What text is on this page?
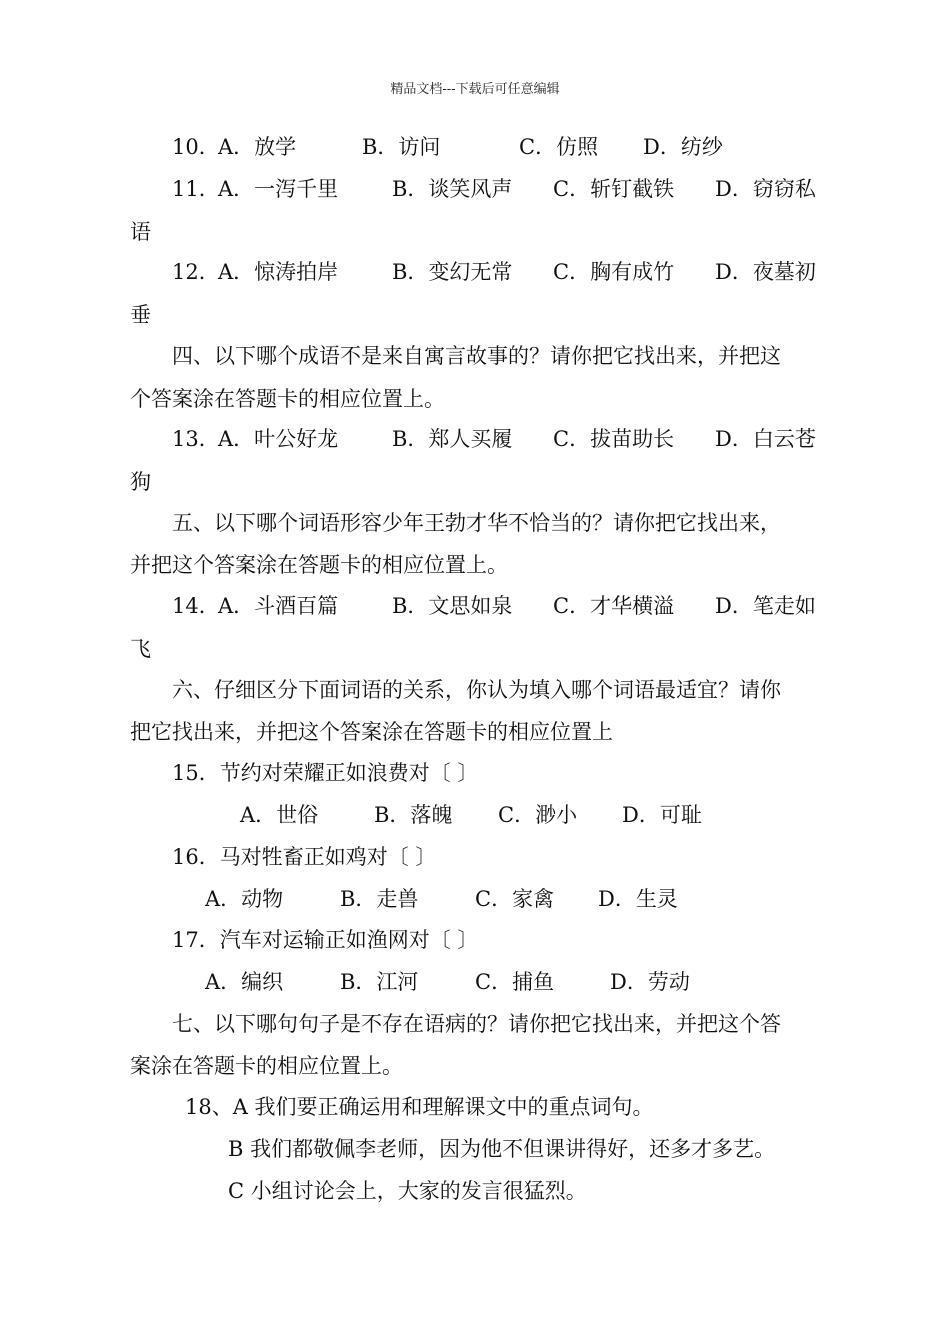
精品文档---下载后可任意编辑
10．
A．放学	B．访问	C．仿照 D．纺纱
11．
A．一泻千里	B．谈笑风声 C．斩钉截铁 D．窃窃私
语
12．
A．惊涛拍岸	B．变幻无常 C．胸有成竹 D．夜墓初
垂
四、以下哪个成语不是来自寓言故事的？请你把它找出来，并把这
个答案涂在答题卡的相应位置上。
13．
A．叶公好龙	B．郑人买履 C．拔苗助长 D．白云苍
狗
五、以下哪个词语形容少年王勃才华不恰当的？请你把它找出来，
并把这个答案涂在答题卡的相应位置上。
14．
A．斗酒百篇	B．文思如泉 C．才华横溢 D．笔走如
飞
六、仔细区分下面词语的关系，你认为填入哪个词语最适宜？请你
把它找出来，并把这个答案涂在答题卡的相应位置上
15．节约对荣耀正如浪费对〔 〕
A．世俗	B．落魄 C．渺小 D．可耻
16．马对牲畜正如鸡对〔 〕
A．动物	B．走兽	C．家禽 D．生灵
17．汽车对运输正如渔网对〔 〕
A．编织	B．江河	C．捕鱼	D．劳动
七、以下哪句句子是不存在语病的？请你把它找出来，并把这个答
案涂在答题卡的相应位置上。
18、A 我们要正确运用和理解课文中的重点词句。
B 我们都敬佩李老师，因为他不但课讲得好，还多才多艺。
C 小组讨论会上，大家的发言很猛烈。
